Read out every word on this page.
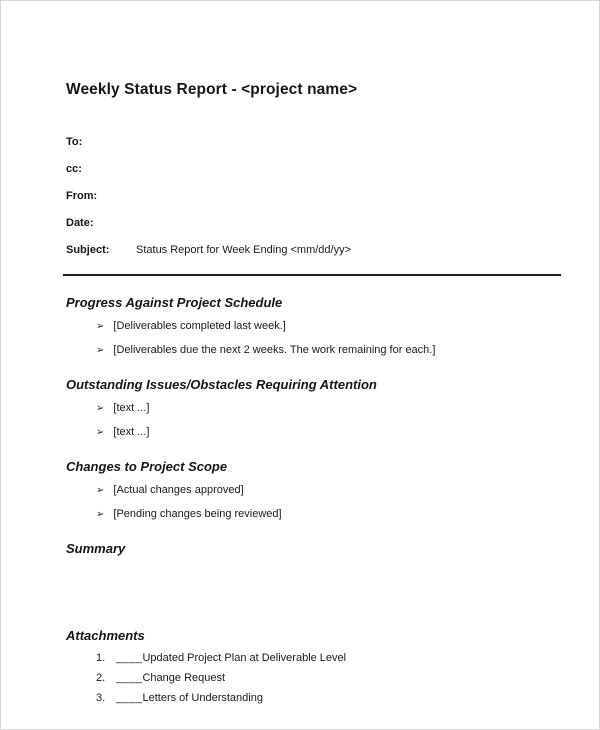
Weekly Status Report - <project name>
To:
cc:
From:
Date:
Subject:	Status Report for Week Ending <mm/dd/yy>
Progress Against Project Schedule
➢ [Deliverables completed last week.]
➢ [Deliverables due the next 2 weeks. The work remaining for each.]
Outstanding Issues/Obstacles Requiring Attention
➢ [text ...]
➢ [text ...]
Changes to Project Scope
➢ [Actual changes approved]
➢ [Pending changes being reviewed]
Summary
Attachments
1. ____ Updated Project Plan at Deliverable Level
2. ____ Change Request
3. ____ Letters of Understanding
